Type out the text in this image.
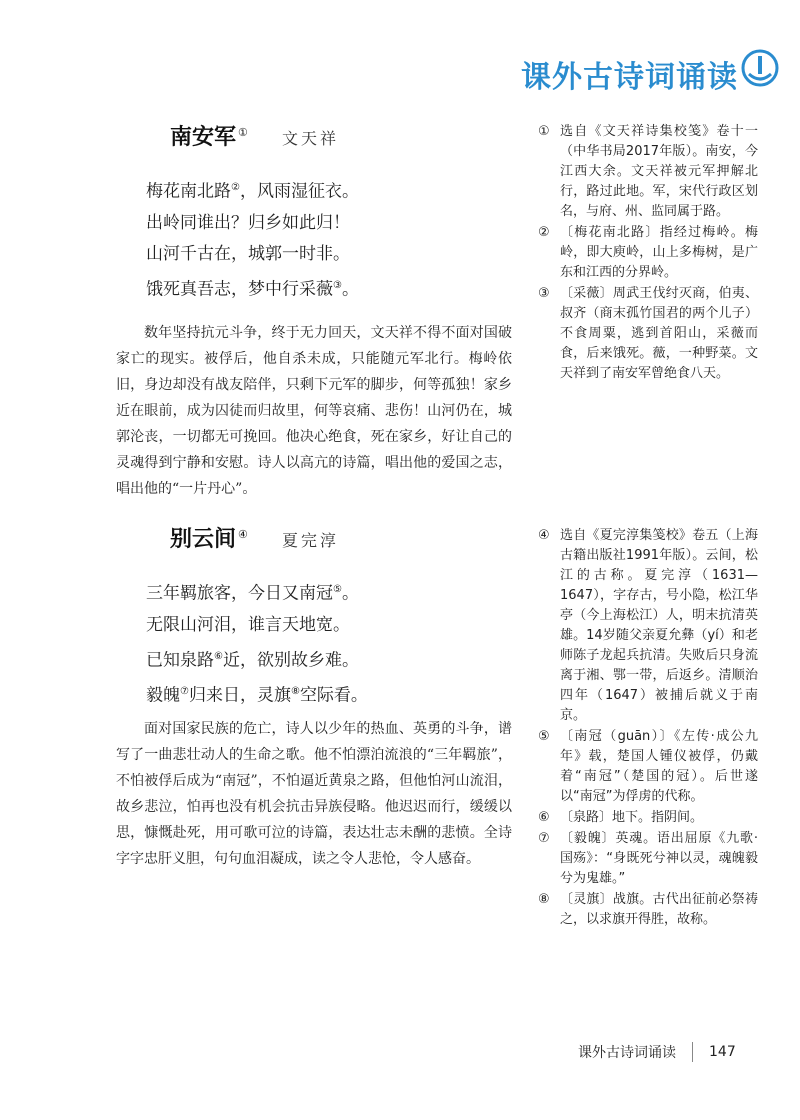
课外古诗词诵读
南安军 ① 文天祥
梅花南北路②，风雨湿征衣。
出岭同谁出？归乡如此归！
山河千古在，城郭一时非。
饿死真吾志，梦中行采薇③。
数年坚持抗元斗争，终于无力回天，文天祥不得不面对国破家亡的现实。被俘后，他自杀未成，只能随元军北行。梅岭依旧，身边却没有战友陪伴，只剩下元军的脚步，何等孤独！家乡近在眼前，成为囚徒而归故里，何等哀痛、悲伤！山河仍在，城郭沦丧，一切都无可挽回。他决心绝食，死在家乡，好让自己的灵魂得到宁静和安慰。诗人以高亢的诗篇，唱出他的爱国之志，唱出他的“一片丹心”。
① 选自《文天祥诗集校笺》卷十一（中华书局2017年版）。南安，今江西大余。文天祥被元军押解北行，路过此地。军，宋代行政区划名，与府、州、监同属于路。
② 〔梅花南北路〕指经过梅岭。梅岭，即大庾岭，山上多梅树，是广东和江西的分界岭。
③ 〔采薇〕周武王伐纣灭商，伯夷、叔齐（商末孤竹国君的两个儿子）不食周粟，逃到首阳山，采薇而食，后来饿死。薇，一种野菜。文天祥到了南安军曾绝食八天。
别云间 ④ 夏完淳
三年羁旅客，今日又南冠⑤。
无限山河泪，谁言天地宽。
已知泉路⑥近，欲别故乡难。
毅魄⑦归来日，灵旗⑧空际看。
面对国家民族的危亡，诗人以少年的热血、英勇的斗争，谱写了一曲悲壮动人的生命之歌。他不怕漂泊流浪的“三年羁旅”，不怕被俘后成为“南冠”，不怕逼近黄泉之路，但他怕河山流泪，故乡悲泣，怕再也没有机会抗击异族侵略。他迟迟而行，缓缓以思，慷慨赴死，用可歌可泣的诗篇，表达壮志未酬的悲愤。全诗字字忠肝义胆，句句血泪凝成，读之令人悲怆，令人感奋。
④ 选自《夏完淳集笺校》卷五（上海古籍出版社1991年版）。云间，松江的古称。夏完淳（1631—1647），字存古，号小隐，松江华亭（今上海松江）人，明末抗清英雄。14岁随父亲夏允彝（yí）和老师陈子龙起兵抗清。失败后只身流离于湘、鄂一带，后返乡。清顺治四年（1647）被捕后就义于南京。
⑤ 〔南冠（guān）〕《左传·成公九年》载，楚国人锺仪被俘，仍戴着“南冠”（楚国的冠）。后世遂以“南冠”为俘虏的代称。
⑥ 〔泉路〕地下。指阴间。
⑦ 〔毅魄〕英魂。语出屈原《九歌·国殇》：“身既死兮神以灵，魂魄毅兮为鬼雄。”
⑧ 〔灵旗〕战旗。古代出征前必祭祷之，以求旗开得胜，故称。
课外古诗词诵读 147
